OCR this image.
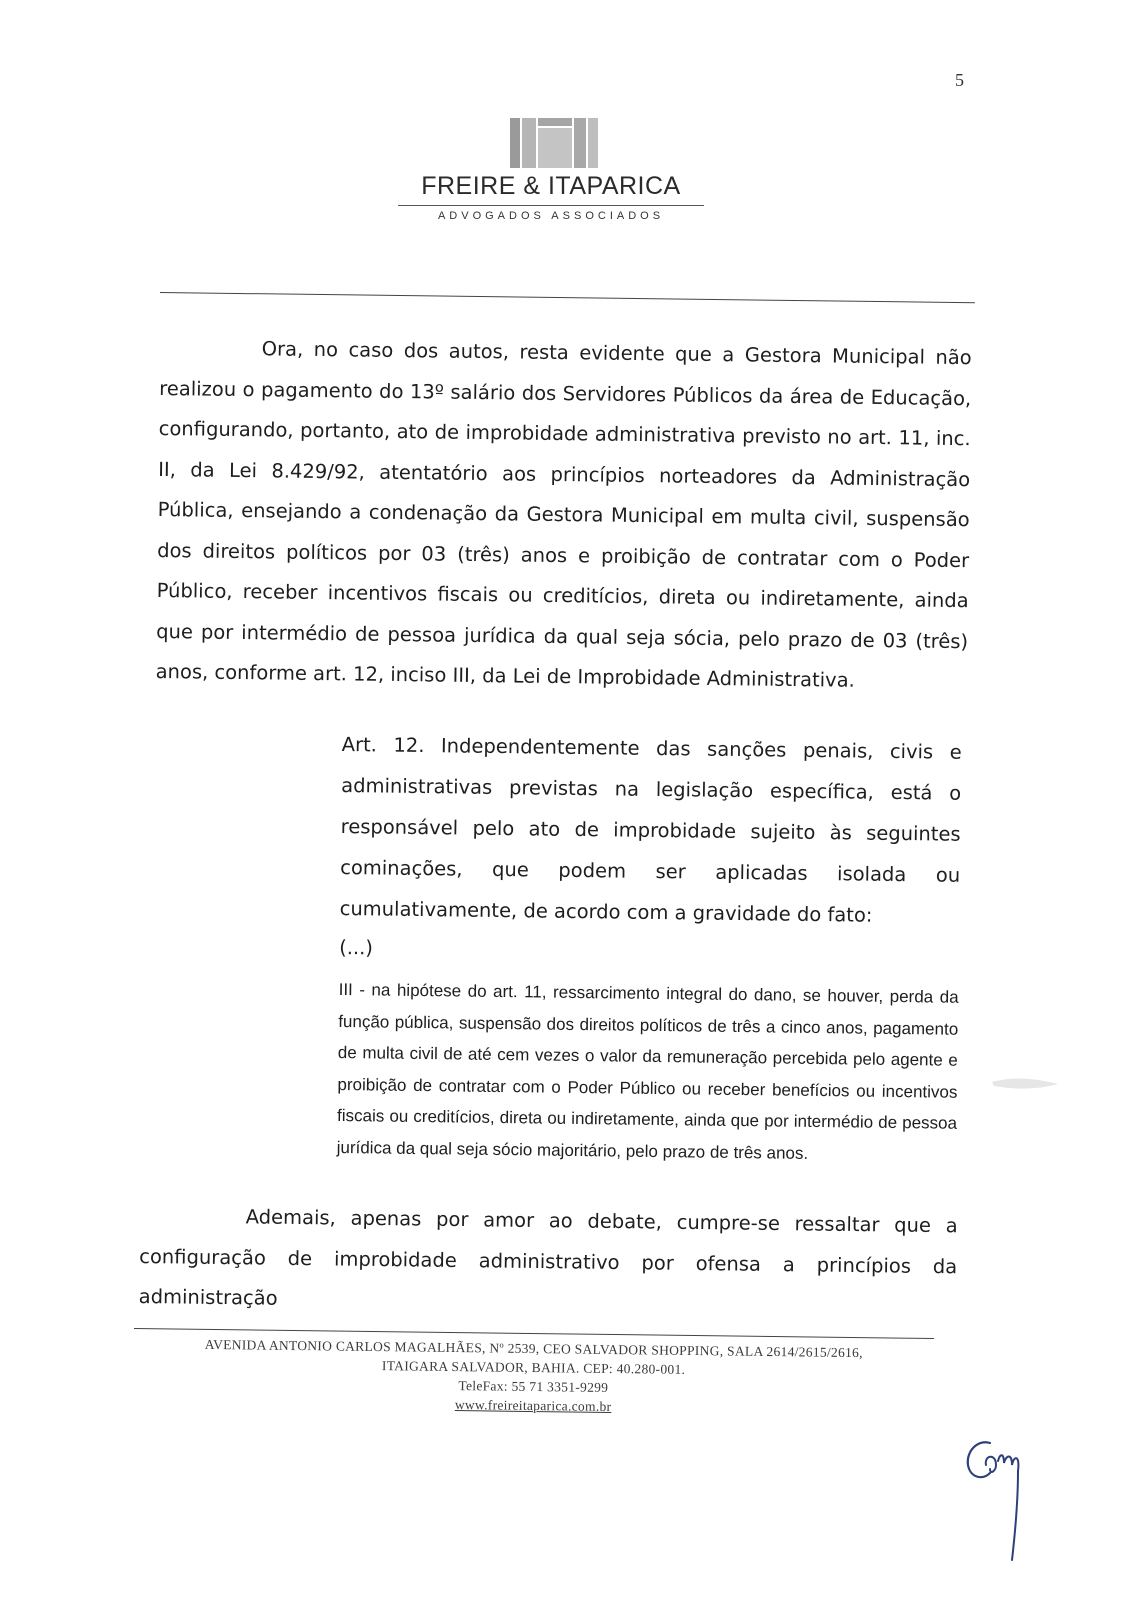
5
FREIRE & ITAPARICA
ADVOGADOS ASSOCIADOS

Ora, no caso dos autos, resta evidente que a Gestora Municipal não realizou o pagamento do 13º salário dos Servidores Públicos da área de Educação, configurando, portanto, ato de improbidade administrativa previsto no art. 11, inc. II, da Lei 8.429/92, atentatório aos princípios norteadores da Administração Pública, ensejando a condenação da Gestora Municipal em multa civil, suspensão dos direitos políticos por 03 (três) anos e proibição de contratar com o Poder Público, receber incentivos fiscais ou creditícios, direta ou indiretamente, ainda que por intermédio de pessoa jurídica da qual seja sócia, pelo prazo de 03 (três) anos, conforme art. 12, inciso III, da Lei de Improbidade Administrativa.

Art. 12. Independentemente das sanções penais, civis e administrativas previstas na legislação específica, está o responsável pelo ato de improbidade sujeito às seguintes cominações, que podem ser aplicadas isolada ou cumulativamente, de acordo com a gravidade do fato:

(...)

III - na hipótese do art. 11, ressarcimento integral do dano, se houver, perda da função pública, suspensão dos direitos políticos de três a cinco anos, pagamento de multa civil de até cem vezes o valor da remuneração percebida pelo agente e proibição de contratar com o Poder Público ou receber benefícios ou incentivos fiscais ou creditícios, direta ou indiretamente, ainda que por intermédio de pessoa jurídica da qual seja sócio majoritário, pelo prazo de três anos.

Ademais, apenas por amor ao debate, cumpre-se ressaltar que a configuração de improbidade administrativo por ofensa a princípios da administração

AVENIDA ANTONIO CARLOS MAGALHÃES, Nº 2539, CEO SALVADOR SHOPPING, SALA 2614/2615/2616,
ITAIGARA SALVADOR, BAHIA. CEP: 40.280-001.
TeleFax: 55 71 3351-9299
www.freireitaparica.com.br
